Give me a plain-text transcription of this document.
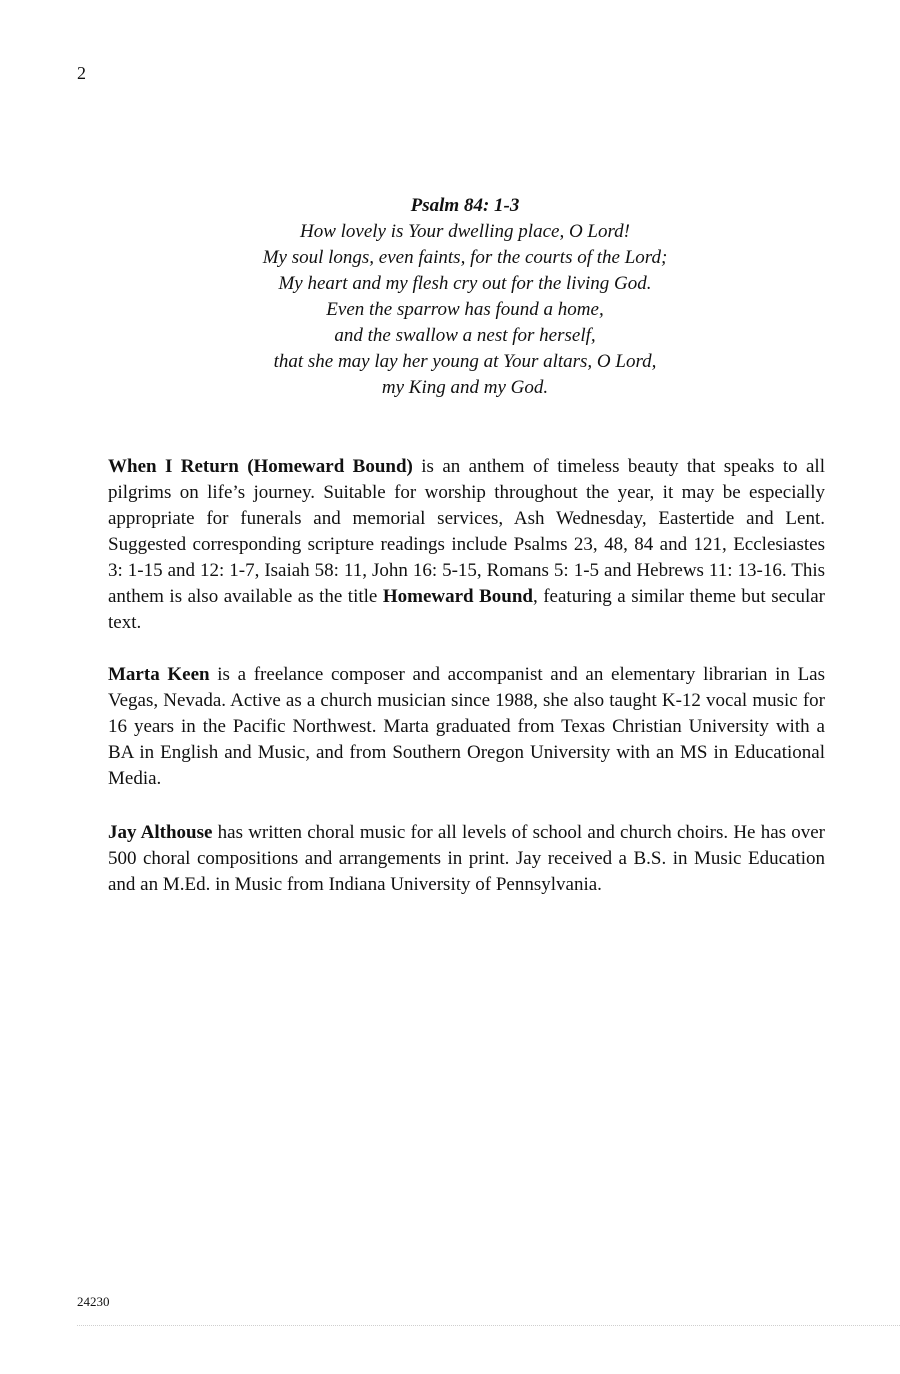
2
Psalm 84: 1-3
How lovely is Your dwelling place, O Lord!
My soul longs, even faints, for the courts of the Lord;
My heart and my flesh cry out for the living God.
Even the sparrow has found a home,
and the swallow a nest for herself,
that she may lay her young at Your altars, O Lord,
my King and my God.

When I Return (Homeward Bound) is an anthem of timeless beauty that speaks to all pilgrims on life’s journey. Suitable for worship throughout the year, it may be especially appropriate for funerals and memorial services, Ash Wednesday, Eastertide and Lent. Suggested corresponding scripture readings include Psalms 23, 48, 84 and 121, Ecclesiastes 3: 1-15 and 12: 1-7, Isaiah 58: 11, John 16: 5-15, Romans 5: 1-5 and Hebrews 11: 13-16. This anthem is also available as the title Homeward Bound, featuring a similar theme but secular text.

Marta Keen is a freelance composer and accompanist and an elementary librarian in Las Vegas, Nevada. Active as a church musician since 1988, she also taught K-12 vocal music for 16 years in the Pacific Northwest. Marta graduated from Texas Christian University with a BA in English and Music, and from Southern Oregon University with an MS in Educational Media.

Jay Althouse has written choral music for all levels of school and church choirs. He has over 500 choral compositions and arrangements in print. Jay received a B.S. in Music Education and an M.Ed. in Music from Indiana University of Pennsylvania.

24230
